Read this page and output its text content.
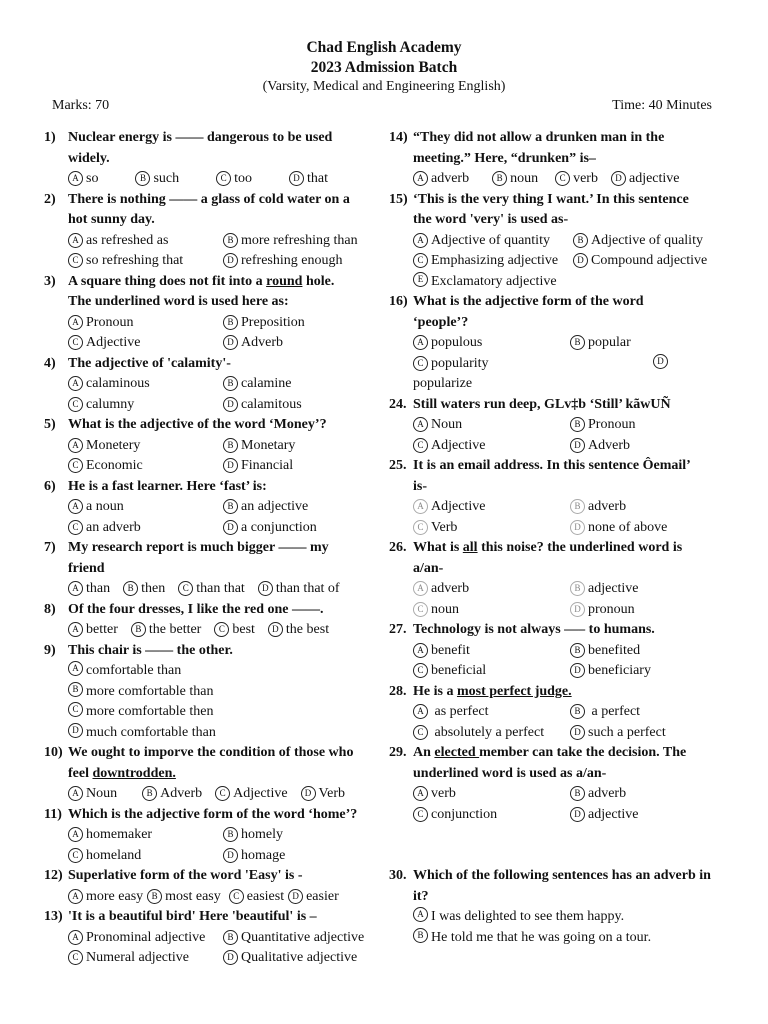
Chad English Academy
2023 Admission Batch
(Varsity, Medical and Engineering English)
Marks: 70	Time: 40 Minutes
1) Nuclear energy is —— dangerous to be used
widely.
A so	B such	C too	D that
2) There is nothing —— a glass of cold water on a
hot sunny day.
A as refreshed as	B more refreshing than
C so refreshing that	D refreshing enough
3) A square thing does not fit into a round hole.
The underlined word is used here as:
A Pronoun	B Preposition
C Adjective	D Adverb
4) The adjective of 'calamity'-
A calaminous	B calamine
C calumny	D calamitous
5) What is the adjective of the word ‘Money’?
A Monetery	B Monetary
C Economic	D Financial
6) He is a fast learner. Here ‘fast’ is:
A a noun	B an adjective
C an adverb	D a conjunction
7) My research report is much bigger —— my
friend
A than	B then	C than that	D than that of
8) Of the four dresses, I like the red one ——.
A better	B the better	C best	D the best
9) This chair is —— the other.
A comfortable than
B more comfortable than
C more comfortable then
D much comfortable than
10) We ought to imporve the condition of those who
feel downtrodden.
A Noun	B Adverb	C Adjective	D Verb
11) Which is the adjective form of the word ‘home’?
A homemaker	B homely
C homeland	D homage
12) Superlative form of the word 'Easy' is -
A more easy B most easy	C easiest D easier
13) 'It is a beautiful bird' Here 'beautiful' is –
A Pronominal adjective	B Quantitative adjective
C Numeral adjective	D Qualitative adjective
14) “They did not allow a drunken man in the
meeting.” Here, “drunken” is–
A adverb	B noun	C verb	D adjective
15) ‘This is the very thing I want.’ In this sentence
the word 'very' is used as-
A Adjective of quantity	B Adjective of quality
C Emphasizing adjective	D Compound adjective
E Exclamatory adjective
16) What is the adjective form of the word
‘people’?
A populous	B popular
C popularity	D
popularize
24. Still waters run deep, GLv‡b ‘Still’ kãwUÑ
A Noun	B Pronoun
C Adjective	D Adverb
25. It is an email address. In this sentence Ôemail’
is-
A Adjective	B adverb
C Verb	D none of above
26. What is all this noise? the underlined word is
a/an-
A adverb	B adjective
C noun	D pronoun
27. Technology is not always —– to humans.
A benefit	B benefited
C beneficial	D beneficiary
28. He is a most perfect judge.
A as perfect	B a perfect
C absolutely a perfect	D such a perfect
29. An elected member can take the decision. The
underlined word is used as a/an-
A verb	B adverb
C conjunction	D adjective
30. Which of the following sentences has an adverb in
it?
A I was delighted to see them happy.
B He told me that he was going on a tour.
